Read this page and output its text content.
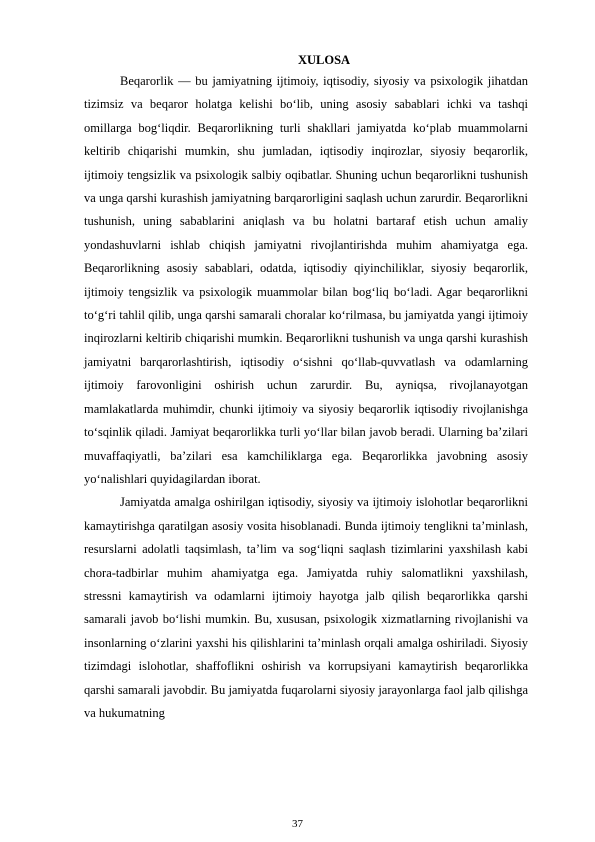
XULOSA

Beqarorlik — bu jamiyatning ijtimoiy, iqtisodiy, siyosiy va psixologik jihatdan tizimsiz va beqaror holatga kelishi bo‘lib, uning asosiy sabablari ichki va tashqi omillarga bog‘liqdir. Beqarorlikning turli shakllari jamiyatda ko‘plab muammolarni keltirib chiqarishi mumkin, shu jumladan, iqtisodiy inqirozlar, siyosiy beqarorlik, ijtimoiy tengsizlik va psixologik salbiy oqibatlar. Shuning uchun beqarorlikni tushunish va unga qarshi kurashish jamiyatning barqarorligini saqlash uchun zarurdir. Beqarorlikni tushunish, uning sabablarini aniqlash va bu holatni bartaraf etish uchun amaliy yondashuvlarni ishlab chiqish jamiyatni rivojlantirishda muhim ahamiyatga ega. Beqarorlikning asosiy sabablari, odatda, iqtisodiy qiyinchiliklar, siyosiy beqarorlik, ijtimoiy tengsizlik va psixologik muammolar bilan bog‘liq bo‘ladi. Agar beqarorlikni to‘g‘ri tahlil qilib, unga qarshi samarali choralar ko‘rilmasa, bu jamiyatda yangi ijtimoiy inqirozlarni keltirib chiqarishi mumkin. Beqarorlikni tushunish va unga qarshi kurashish jamiyatni barqarorlashtirish, iqtisodiy o‘sishni qo‘llab-quvvatlash va odamlarning ijtimoiy farovonligini oshirish uchun zarurdir. Bu, ayniqsa, rivojlanayotgan mamlakatlarda muhimdir, chunki ijtimoiy va siyosiy beqarorlik iqtisodiy rivojlanishga to‘sqinlik qiladi. Jamiyat beqarorlikka turli yo‘llar bilan javob beradi. Ularning ba’zilari muvaffaqiyatli, ba’zilari esa kamchiliklarga ega. Beqarorlikka javobning asosiy yo‘nalishlari quyidagilardan iborat.

Jamiyatda amalga oshirilgan iqtisodiy, siyosiy va ijtimoiy islohotlar beqarorlikni kamaytirishga qaratilgan asosiy vosita hisoblanadi. Bunda ijtimoiy tenglikni ta’minlash, resurslarni adolatli taqsimlash, ta’lim va sog‘liqni saqlash tizimlarini yaxshilash kabi chora-tadbirlar muhim ahamiyatga ega. Jamiyatda ruhiy salomatlikni yaxshilash, stressni kamaytirish va odamlarni ijtimoiy hayotga jalb qilish beqarorlikka qarshi samarali javob bo‘lishi mumkin. Bu, xususan, psixologik xizmatlarning rivojlanishi va insonlarning o‘zlarini yaxshi his qilishlarini ta’minlash orqali amalga oshiriladi. Siyosiy tizimdagi islohotlar, shaffoflikni oshirish va korrupsiyani kamaytirish beqarorlikka qarshi samarali javobdir. Bu jamiyatda fuqarolarni siyosiy jarayonlarga faol jalb qilishga va hukumatning

37
